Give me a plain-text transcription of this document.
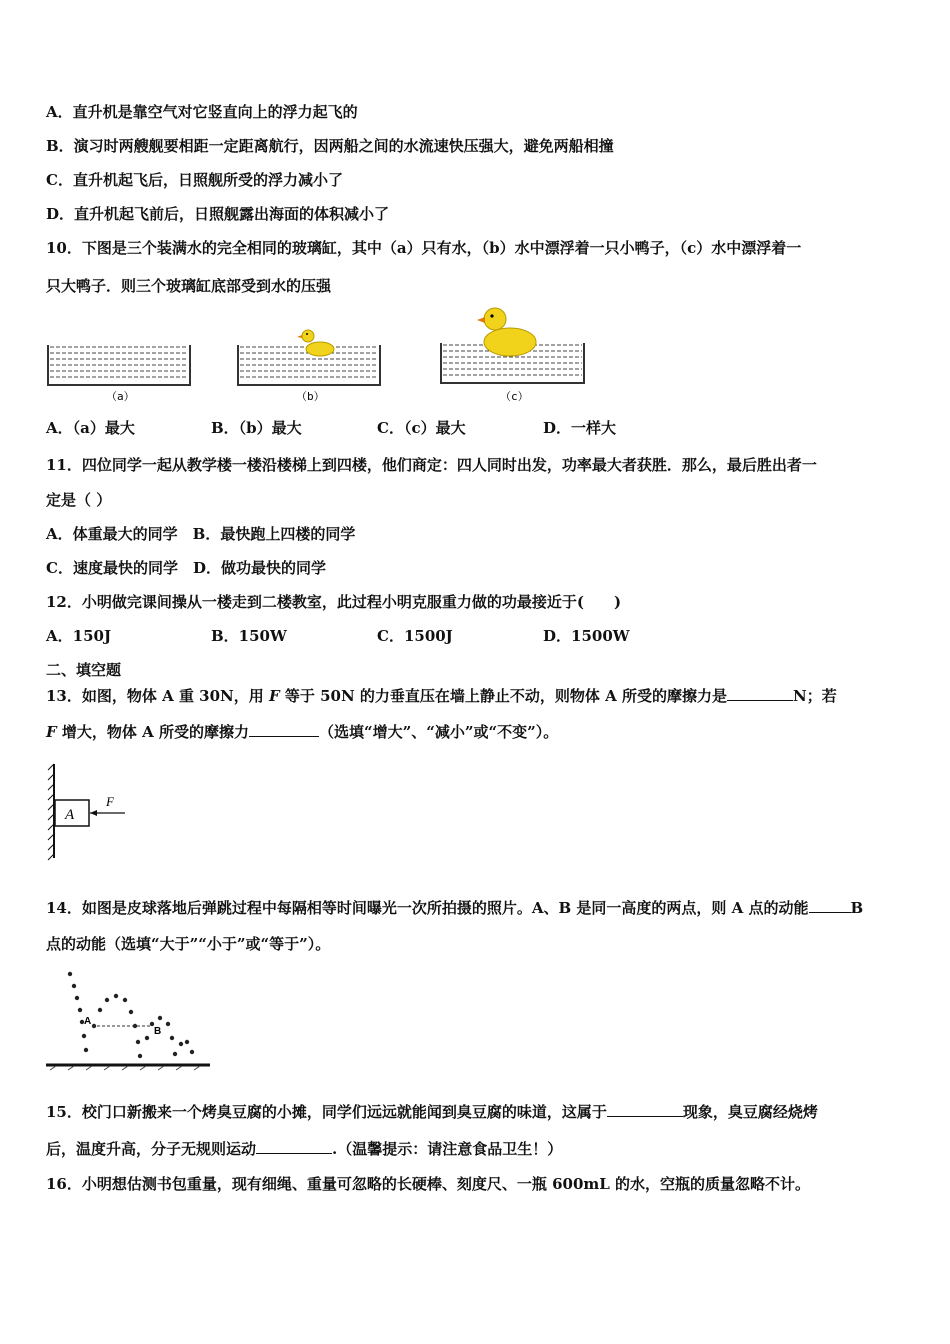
A．直升机是靠空气对它竖直向上的浮力起飞的
B．演习时两艘舰要相距一定距离航行，因两船之间的水流速快压强大，避免两船相撞
C．直升机起飞后，日照舰所受的浮力减小了
D．直升机起飞前后，日照舰露出海面的体积减小了
10．下图是三个装满水的完全相同的玻璃缸，其中（a）只有水，（b）水中漂浮着一只小鸭子，（c）水中漂浮着一
只大鸭子．则三个玻璃缸底部受到水的压强
（a）	（b）	（c）
A．（a）最大	B．（b）最大	C．（c）最大	D．一样大
11．四位同学一起从教学楼一楼沿楼梯上到四楼，他们商定：四人同时出发，功率最大者获胜．那么，最后胜出者一
定是（ ）
A．体重最大的同学　B．最快跑上四楼的同学
C．速度最快的同学　D．做功最快的同学
12．小明做完课间操从一楼走到二楼教室，此过程小明克服重力做的功最接近于(　　)
A．150J	B．150W	C．1500J	D．1500W
二、填空题
13．如图，物体 A 重 30N，用 F 等于 50N 的力垂直压在墙上静止不动，则物体 A 所受的摩擦力是	N；若
F 增大，物体 A 所受的摩擦力	（选填“增大”、“减小”或“不变”）。
A
F
14．如图是皮球落地后弹跳过程中每隔相等时间曝光一次所拍摄的照片。A、B 是同一高度的两点，则 A 点的动能	B
点的动能（选填“大于”“小于”或“等于”）。
A
B
15．校门口新搬来一个烤臭豆腐的小摊，同学们远远就能闻到臭豆腐的味道，这属于	现象，臭豆腐经烧烤
后，温度升高，分子无规则运动	.（温馨提示：请注意食品卫生！）
16．小明想估测书包重量，现有细绳、重量可忽略的长硬棒、刻度尺、一瓶 600mL 的水，空瓶的质量忽略不计。
